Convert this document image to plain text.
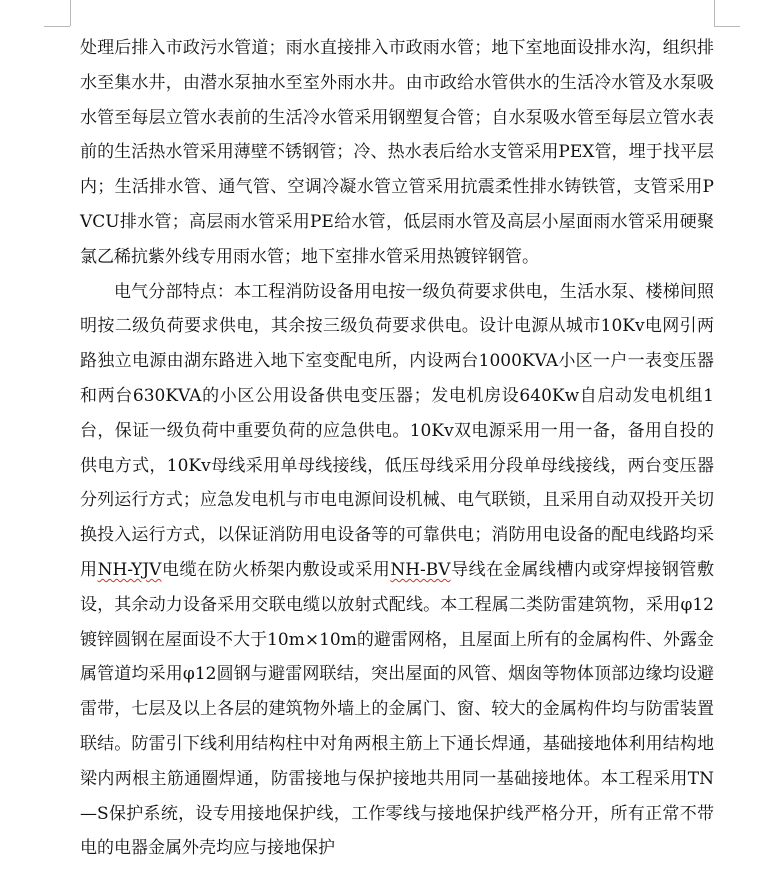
处理后排入市政污水管道；雨水直接排入市政雨水管；地下室地面设排水沟，组织排水至集水井，由潜水泵抽水至室外雨水井。由市政给水管供水的生活冷水管及水泵吸水管至每层立管水表前的生活冷水管采用钢塑复合管；自水泵吸水管至每层立管水表前的生活热水管采用薄壁不锈钢管；冷、热水表后给水支管采用PEX管，埋于找平层内；生活排水管、通气管、空调冷凝水管立管采用抗震柔性排水铸铁管，支管采用PVCU排水管；高层雨水管采用PE给水管，低层雨水管及高层小屋面雨水管采用硬聚氯乙稀抗紫外线专用雨水管；地下室排水管采用热镀锌钢管。

电气分部特点：本工程消防设备用电按一级负荷要求供电，生活水泵、楼梯间照明按二级负荷要求供电，其余按三级负荷要求供电。设计电源从城市10Kv电网引两路独立电源由湖东路进入地下室变配电所，内设两台1000KVA小区一户一表变压器和两台630KVA的小区公用设备供电变压器；发电机房设640Kw自启动发电机组1台，保证一级负荷中重要负荷的应急供电。10Kv双电源采用一用一备，备用自投的供电方式，10Kv母线采用单母线接线，低压母线采用分段单母线接线，两台变压器分列运行方式；应急发电机与市电电源间设机械、电气联锁，且采用自动双投开关切换投入运行方式，以保证消防用电设备等的可靠供电；消防用电设备的配电线路均采用NH-YJV电缆在防火桥架内敷设或采用NH-BV导线在金属线槽内或穿焊接钢管敷设，其余动力设备采用交联电缆以放射式配线。本工程属二类防雷建筑物，采用φ12镀锌圆钢在屋面设不大于10m×10m的避雷网格，且屋面上所有的金属构件、外露金属管道均采用φ12圆钢与避雷网联结，突出屋面的风管、烟囱等物体顶部边缘均设避雷带，七层及以上各层的建筑物外墙上的金属门、窗、较大的金属构件均与防雷装置联结。防雷引下线利用结构柱中对角两根主筋上下通长焊通，基础接地体利用结构地梁内两根主筋通圈焊通，防雷接地与保护接地共用同一基础接地体。本工程采用TN—S保护系统，设专用接地保护线，工作零线与接地保护线严格分开，所有正常不带电的电器金属外壳均应与接地保护
